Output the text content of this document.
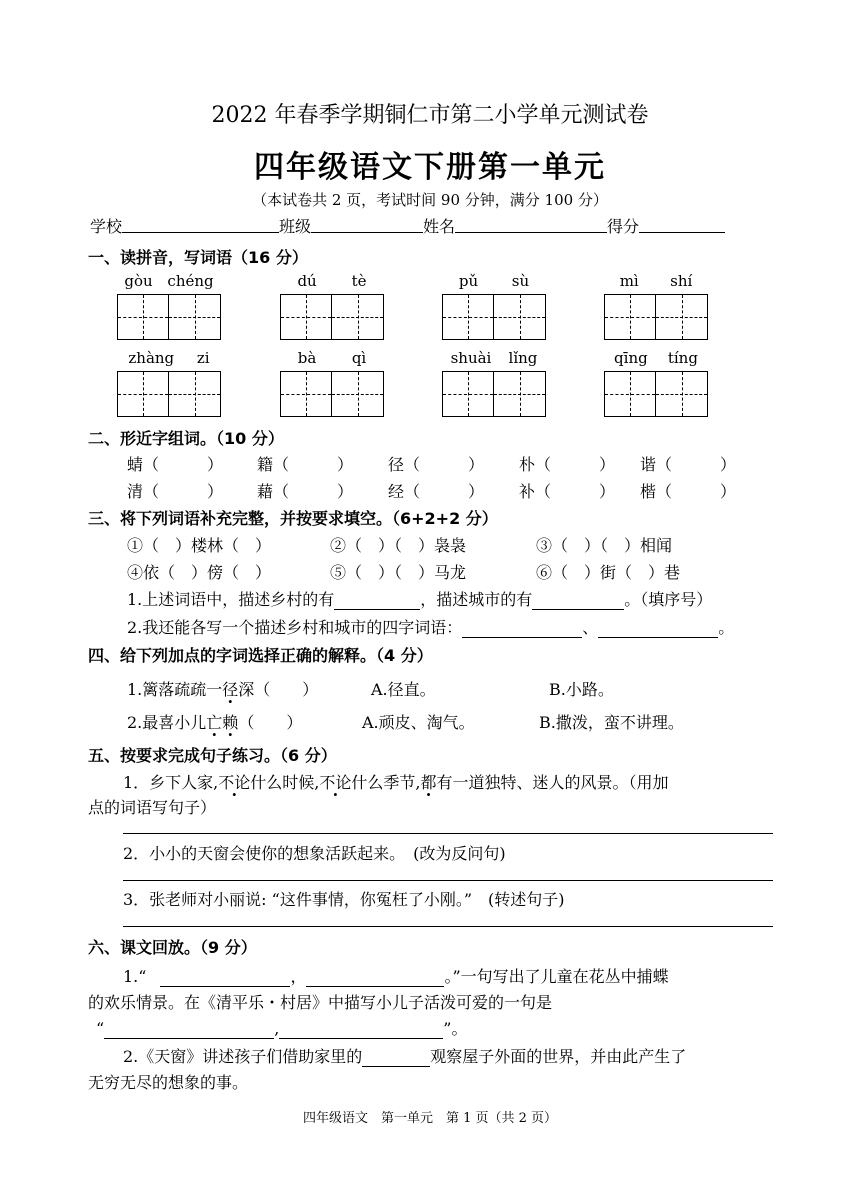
2022 年春季学期铜仁市第二小学单元测试卷
四年级语文下册第一单元
（本试卷共 2 页，考试时间 90 分钟，满分 100 分）
学校	班级	姓名	得分
一、读拼音，写词语（16 分）
gòu chéng	dú tè	pǔ sù	mì shí
zhàng zi	bà qì	shuài lǐng	qīng tíng
二、形近字组词。（10 分）
蜻（　　　） 籍（　　　） 径（　　　） 朴（　　　） 谐（　　　）
清（　　　） 藉（　　　） 经（　　　） 补（　　　） 楷（　　　）
三、将下列词语补充完整，并按要求填空。（6+2+2 分）
①（　）楼林（　）	②（　）（　）袅袅	③（　）（　）相闻
④依（　）傍（　）	⑤（　）（　）马龙	⑥（　）街（　）巷
1.上述词语中，描述乡村的有	，描述城市的有	。（填序号）
2.我还能各写一个描述乡村和城市的四字词语：	、	。
四、给下列加点的字词选择正确的解释。（4 分）
1.篱落疏疏一径深（　　）	A.径直。	B.小路。
2.最喜小儿亡赖（　　）	A.顽皮、淘气。	B.撒泼，蛮不讲理。
五、按要求完成句子练习。（6 分）
1．乡下人家,不论什么时候,不论什么季节,都有一道独特、迷人的风景。（用加
点的词语写句子）
2．小小的天窗会使你的想象活跃起来。　(改为反问句)
3．张老师对小丽说: “这件事情，你冤枉了小刚。”　(转述句子)
六、课文回放。（9 分）
1.“	，	。”一句写出了儿童在花丛中捕蝶
的欢乐情景。在《清平乐・村居》中描写小儿子活泼可爱的一句是
“	,	”。
2.《天窗》讲述孩子们借助家里的	观察屋子外面的世界，并由此产生了
无穷无尽的想象的事。
四年级语文　第一单元　第 1 页（共 2 页）
